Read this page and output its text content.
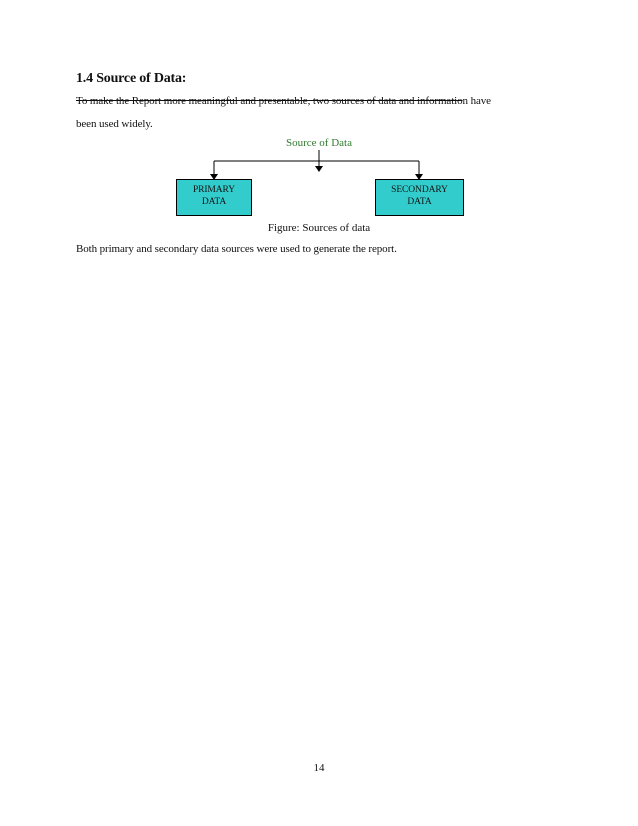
1.4 Source of Data:
To make the Report more meaningful and presentable, two sources of data and information have
been used widely.
Source of Data
PRIMARY
DATA
SECONDARY
DATA
Figure: Sources of data
Both primary and secondary data sources were used to generate the report.
14
